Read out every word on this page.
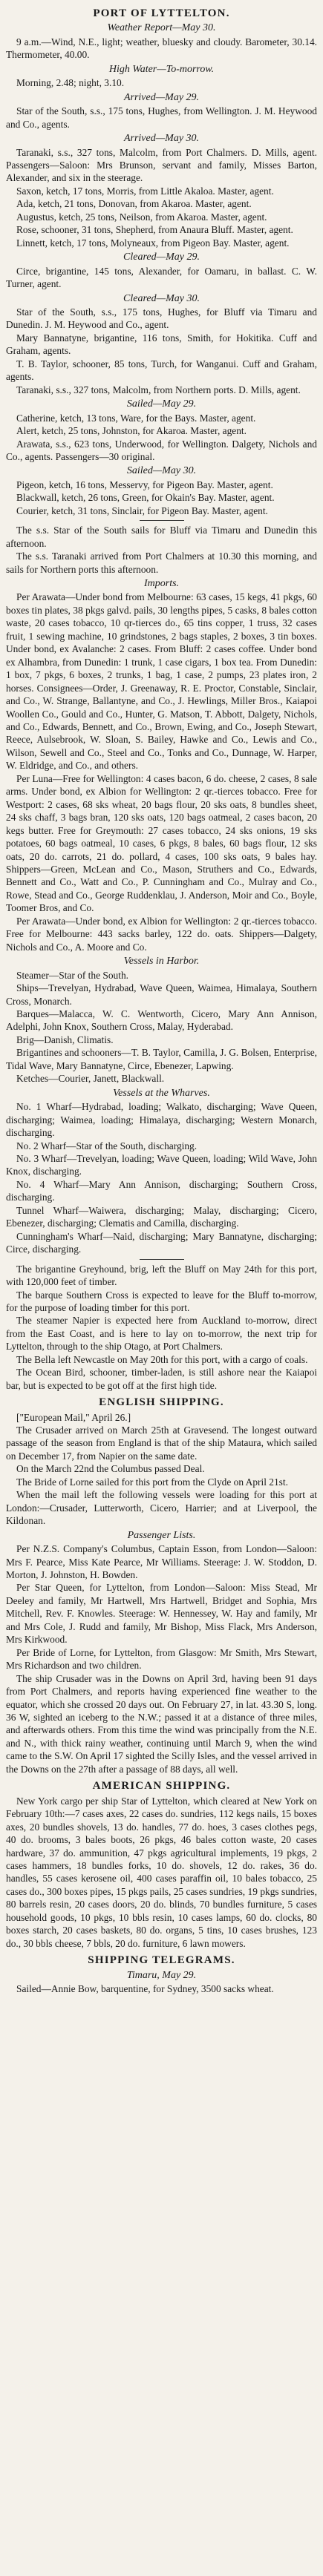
PORT OF LYTTELTON.
Weather Report—May 30.
9 a.m.—Wind, N.E., light; weather, bluesky and cloudy. Barometer, 30.14. Thermometer, 40.00.
High Water—To-morrow.
Morning, 2.48; night, 3.10.
Arrived—May 29.
Star of the South, s.s., 175 tons, Hughes, from Wellington. J. M. Heywood and Co., agents.
Arrived—May 30.
Taranaki, s.s., 327 tons, Malcolm, from Port Chalmers. D. Mills, agent. Passengers—Saloon: Mrs Brunson, servant and family, Misses Barton, Alexander, and six in the steerage.
Saxon, ketch, 17 tons, Morris, from Little Akaloa. Master, agent.
Ada, ketch, 21 tons, Donovan, from Akaroa. Master, agent.
Augustus, ketch, 25 tons, Neilson, from Akaroa. Master, agent.
Rose, schooner, 31 tons, Shepherd, from Anaura Bluff. Master, agent.
Linnett, ketch, 17 tons, Molyneaux, from Pigeon Bay. Master, agent.
Cleared—May 29.
Circe, brigantine, 145 tons, Alexander, for Oamaru, in ballast. C. W. Turner, agent.
Cleared—May 30.
Star of the South, s.s., 175 tons, Hughes, for Bluff via Timaru and Dunedin. J. M. Heywood and Co., agent.
Mary Bannatyne, brigantine, 116 tons, Smith, for Hokitika. Cuff and Graham, agents.
T. B. Taylor, schooner, 85 tons, Turch, for Wanganui. Cuff and Graham, agents.
Taranaki, s.s., 327 tons, Malcolm, from Northern ports. D. Mills, agent.
Sailed—May 29.
Catherine, ketch, 13 tons, Ware, for the Bays. Master, agent.
Alert, ketch, 25 tons, Johnston, for Akaroa. Master, agent.
Arawata, s.s., 623 tons, Underwood, for Wellington. Dalgety, Nichols and Co., agents. Passengers—30 original.
Sailed—May 30.
Pigeon, ketch, 16 tons, Messervy, for Pigeon Bay. Master, agent.
Blackwall, ketch, 26 tons, Green, for Okain's Bay. Master, agent.
Courier, ketch, 31 tons, Sinclair, for Pigeon Bay. Master, agent.
The s.s. Star of the South sails for Bluff via Timaru and Dunedin this afternoon.
The s.s. Taranaki arrived from Port Chalmers at 10.30 this morning, and sails for Northern ports this afternoon.
Imports.
Per Arawata—Under bond from Melbourne: 63 cases, 15 kegs, 41 pkgs, 60 boxes tin plates, 38 pkgs galvd. pails, 30 lengths pipes, 5 casks, 8 bales cotton waste, 20 cases tobacco, 10 qr-tierces do., 65 tins copper, 1 truss, 32 cases fruit, 1 sewing machine, 10 grindstones, 2 bags staples, 2 boxes, 3 tin boxes. Under bond, ex Avalanche: 2 cases. From Bluff: 2 cases coffee. Under bond ex Alhambra, from Dunedin: 1 trunk, 1 case cigars, 1 box tea. From Dunedin: 1 box, 7 pkgs, 6 boxes, 2 trunks, 1 bag, 1 case, 2 pumps, 23 plates iron, 2 horses. Consignees—Order, J. Greenaway, R. E. Proctor, Constable, Sinclair, and Co., W. Strange, Ballantyne, and Co., J. Hewlings, Miller Bros., Kaiapoi Woollen Co., Gould and Co., Hunter, G. Matson, T. Abbott, Dalgety, Nichols, and Co., Edwards, Bennett, and Co., Brown, Ewing, and Co., Joseph Stewart, Reece, Aulsebrook, W. Sloan, S. Bailey, Hawke and Co., Lewis and Co., Wilson, Sewell and Co., Steel and Co., Tonks and Co., Dunnage, W. Harper, W. Eldridge, and Co., and others.
Per Luna—Free for Wellington: 4 cases bacon, 6 do. cheese, 2 cases, 8 sale arms. Under bond, ex Albion for Wellington: 2 qr.-tierces tobacco. Free for Westport: 2 cases, 68 sks wheat, 20 bags flour, 20 sks oats, 8 bundles sheet, 24 sks chaff, 3 bags bran, 120 sks oats, 120 bags oatmeal, 2 cases bacon, 20 kegs butter. Free for Greymouth: 27 cases tobacco, 24 sks onions, 19 sks potatoes, 60 bags oatmeal, 10 cases, 6 pkgs, 8 bales, 60 bags flour, 12 sks oats, 20 do. carrots, 21 do. pollard, 4 cases, 100 sks oats, 9 bales hay. Shippers—Green, McLean and Co., Mason, Struthers and Co., Edwards, Bennett and Co., Watt and Co., P. Cunningham and Co., Mulray and Co., Rowe, Stead and Co., George Ruddenklau, J. Anderson, Moir and Co., Boyle, Toomer Bros, and Co.
Per Arawata—Under bond, ex Albion for Wellington: 2 qr.-tierces tobacco. Free for Melbourne: 443 sacks barley, 122 do. oats. Shippers—Dalgety, Nichols and Co., A. Moore and Co.
Vessels in Harbor.
Steamer—Star of the South.
Ships—Trevelyan, Hydrabad, Wave Queen, Waimea, Himalaya, Southern Cross, Monarch.
Barques—Malacca, W. C. Wentworth, Cicero, Mary Ann Annison, Adelphi, John Knox, Southern Cross, Malay, Hyderabad.
Brig—Danish, Climatis.
Brigantines and schooners—T. B. Taylor, Camilla, J. G. Bolsen, Enterprise, Tidal Wave, Mary Bannatyne, Circe, Ebenezer, Lapwing.
Ketches—Courier, Janett, Blackwall.
Vessels at the Wharves.
No. 1 Wharf—Hydrabad, loading; Walkato, discharging; Wave Queen, discharging; Waimea, loading; Himalaya, discharging; Western Monarch, discharging.
No. 2 Wharf—Star of the South, discharging.
No. 3 Wharf—Trevelyan, loading; Wave Queen, loading; Wild Wave, John Knox, discharging.
No. 4 Wharf—Mary Ann Annison, discharging; Southern Cross, discharging.
Tunnel Wharf—Waiwera, discharging; Malay, discharging; Cicero, Ebenezer, discharging; Clematis and Camilla, discharging.
Cunningham's Wharf—Naid, discharging; Mary Bannatyne, discharging; Circe, discharging.
The brigantine Greyhound, brig, left the Bluff on May 24th for this port, with 120,000 feet of timber.
The barque Southern Cross is expected to leave for the Bluff to-morrow, for the purpose of loading timber for this port.
The steamer Napier is expected here from Auckland to-morrow, direct from the East Coast, and is here to lay on to-morrow, the next trip for Lyttelton, through to the ship Otago, at Port Chalmers.
The Bella left Newcastle on May 20th for this port, with a cargo of coals.
The Ocean Bird, schooner, timber-laden, is still ashore near the Kaiapoi bar, but is expected to be got off at the first high tide.
ENGLISH SHIPPING.
["European Mail," April 26.]
The Crusader arrived on March 25th at Gravesend. The longest outward passage of the season from England is that of the ship Mataura, which sailed on December 17, from Napier on the same date.
On the March 22nd the Columbus passed Deal.
The Bride of Lorne sailed for this port from the Clyde on April 21st.
When the mail left the following vessels were loading for this port at London:—Crusader, Lutterworth, Cicero, Harrier; and at Liverpool, the Kildonan.
Passenger Lists.
Per N.Z.S. Company's Columbus, Captain Esson, from London—Saloon: Mrs F. Pearce, Miss Kate Pearce, Mr Williams. Steerage: J. W. Stoddon, D. Morton, J. Johnston, H. Bowden.
Per Star Queen, for Lyttelton, from London—Saloon: Miss Stead, Mr Deeley and family, Mr Hartwell, Mrs Hartwell, Bridget and Sophia, Mrs Mitchell, Rev. F. Knowles. Steerage: W. Hennessey, W. Hay and family, Mr and Mrs Cole, J. Rudd and family, Mr Bishop, Miss Flack, Mrs Anderson, Mrs Kirkwood.
Per Bride of Lorne, for Lyttelton, from Glasgow: Mr Smith, Mrs Stewart, Mrs Richardson and two children.
The ship Crusader was in the Downs on April 3rd, having been 91 days from Port Chalmers, and reports having experienced fine weather to the equator, which she crossed 20 days out. On February 27, in lat. 43.30 S, long. 36 W, sighted an iceberg to the N.W.; passed it at a distance of three miles, and afterwards others. From this time the wind was principally from the N.E. and N., with thick rainy weather, continuing until March 9, when the wind came to the S.W. On April 17 sighted the Scilly Isles, and the vessel arrived in the Downs on the 27th after a passage of 88 days, all well.
AMERICAN SHIPPING.
New York cargo per ship Star of Lyttelton, which cleared at New York on February 10th:—7 cases axes, 22 cases do. sundries, 112 kegs nails, 15 boxes axes, 20 bundles shovels, 13 do. handles, 77 do. hoes, 3 cases clothes pegs, 40 do. brooms, 3 bales boots, 26 pkgs, 46 bales cotton waste, 20 cases hardware, 37 do. ammunition, 47 pkgs agricultural implements, 19 pkgs, 2 cases hammers, 18 bundles forks, 10 do. shovels, 12 do. rakes, 36 do. handles, 55 cases kerosene oil, 400 cases paraffin oil, 10 bales tobacco, 25 cases do., 300 boxes pipes, 15 pkgs pails, 25 cases sundries, 19 pkgs sundries, 80 barrels resin, 20 cases doors, 20 do. blinds, 70 bundles furniture, 5 cases household goods, 10 pkgs, 10 bbls resin, 10 cases lamps, 60 do. clocks, 80 boxes starch, 20 cases baskets, 80 do. organs, 5 tins, 10 cases brushes, 123 do., 30 bbls cheese, 7 bbls, 20 do. furniture, 6 lawn mowers.
SHIPPING TELEGRAMS.
Timaru, May 29.
Sailed—Annie Bow, barquentine, for Sydney, 3500 sacks wheat.
